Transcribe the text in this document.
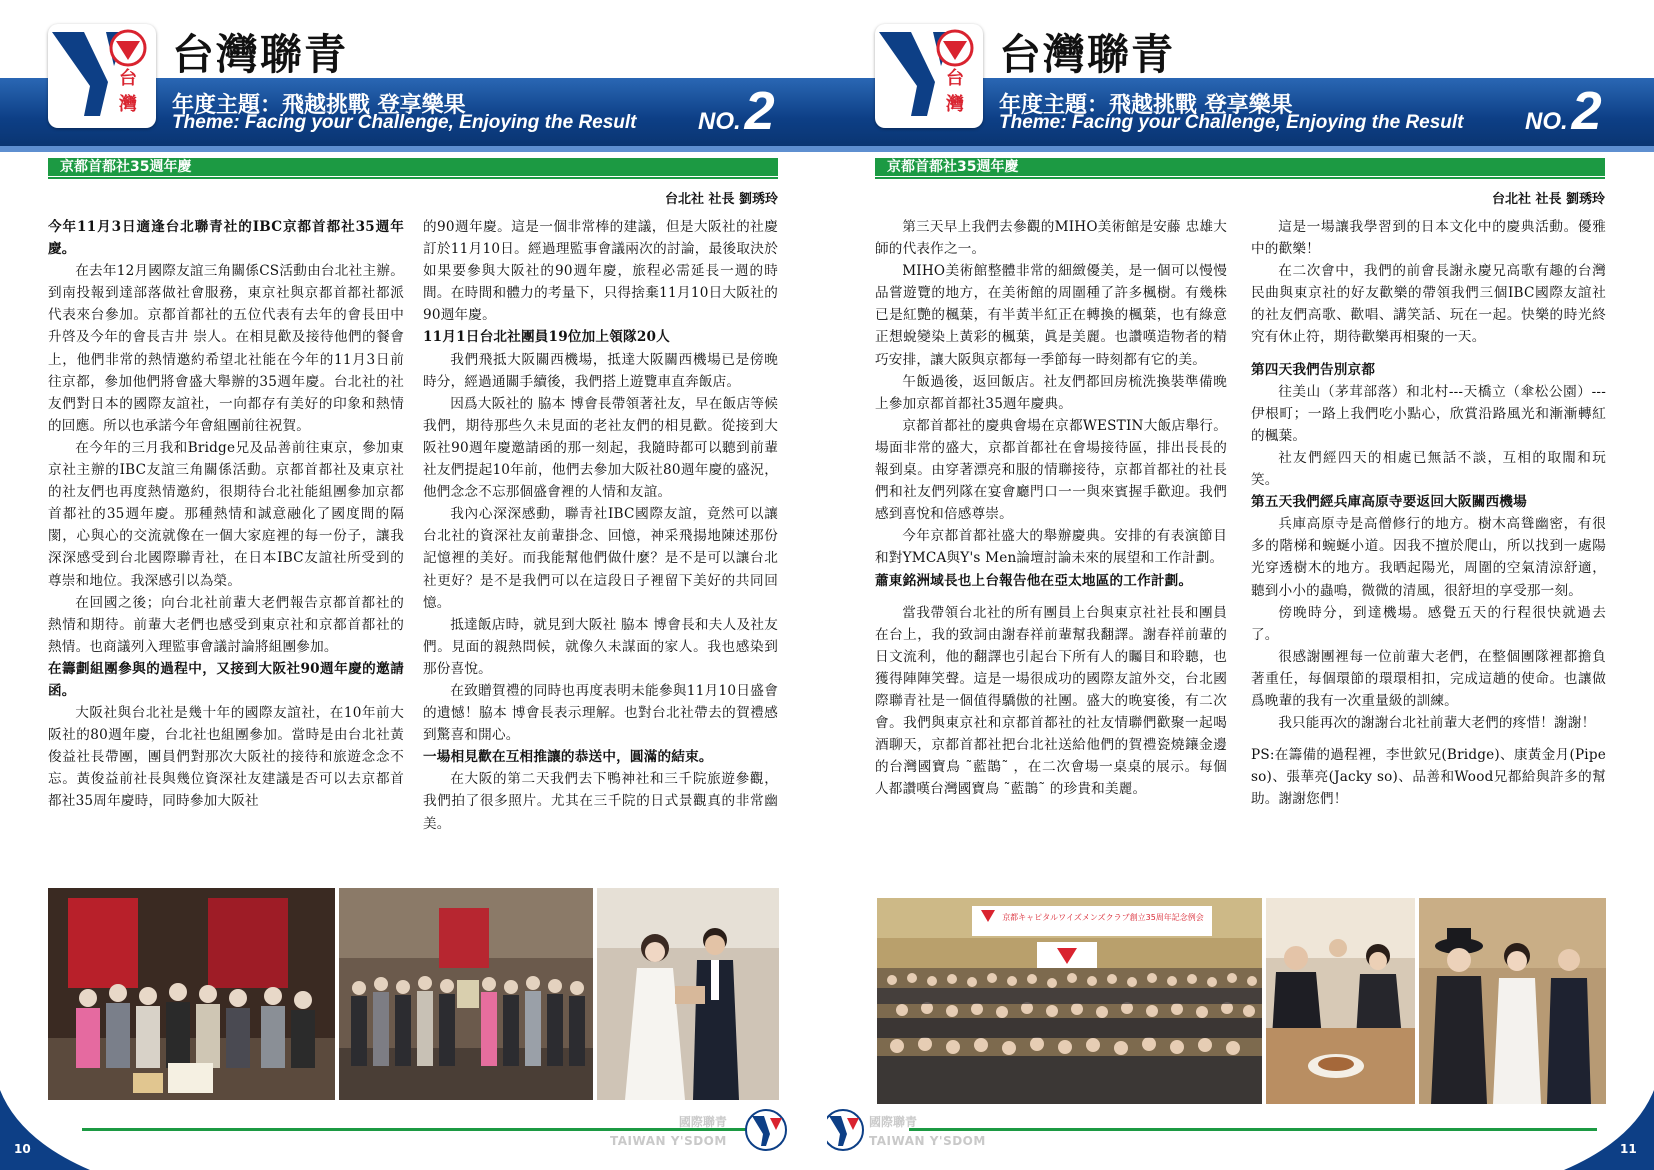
台
灣
台灣聯青
年度主題：飛越挑戰 登享樂果
Theme: Facing your Challenge, Enjoying the Result	NO.2
京都首都社35週年慶
台北社 社長 劉琇玲

今年11月3日適逢台北聯青社的IBC京都首都社35週年慶。

在去年12月國際友誼三角關係CS活動由台北社主辦。到南投報到達部落做社會服務，東京社與京都首都社都派代表來台參加。京都首都社的五位代表有去年的會長田中 升啓及今年的會長吉井 崇人。在相見歡及接待他們的餐會上，他們非常的熱情邀約希望北社能在今年的11月3日前往京都，參加他們將會盛大舉辦的35週年慶。台北社的社友們對日本的國際友誼社，一向都存有美好的印象和熱情的回應。所以也承諾今年會組團前往祝賀。

在今年的三月我和Bridge兄及品善前往東京，參加東京社主辦的IBC友誼三角關係活動。京都首都社及東京社的社友們也再度熱情邀約，很期待台北社能組團參加京都首都社的35週年慶。那種熱情和誠意融化了國度間的隔閡，心與心的交流就像在一個大家庭裡的每一份子，讓我深深感受到台北國際聯青社，在日本IBC友誼社所受到的尊崇和地位。我深感引以為榮。

在回國之後；向台北社前輩大老們報告京都首都社的熱情和期待。前輩大老們也感受到東京社和京都首都社的熱情。也商議列入理監事會議討論將組團參加。

在籌劃組團參與的過程中，又接到大阪社90週年慶的邀請函。

大阪社與台北社是幾十年的國際友誼社，在10年前大阪社的80週年慶，台北社也組團參加。當時是由台北社黃俊益社長帶團，團員們對那次大阪社的接待和旅遊念念不忘。黃俊益前社長與幾位資深社友建議是否可以去京都首都社35周年慶時，同時參加大阪社

的90週年慶。這是一個非常棒的建議，但是大阪社的社慶訂於11月10日。經過理監事會議兩次的討論，最後取決於如果要參與大阪社的90週年慶，旅程必需延長一週的時間。在時間和體力的考量下，只得捨棄11月10日大阪社的90週年慶。

11月1日台北社團員19位加上領隊20人

我們飛抵大阪關西機場，抵達大阪關西機場已是傍晚時分，經過通關手續後，我們搭上遊覽車直奔飯店。

因爲大阪社的 脇本 博會長帶領著社友，早在飯店等候我們，期待那些久未見面的老社友們的相見歡。從接到大阪社90週年慶邀請函的那一刻起，我隨時都可以聽到前輩社友們提起10年前，他們去參加大阪社80週年慶的盛況，他們念念不忘那個盛會裡的人情和友誼。

我內心深深感動，聯青社IBC國際友誼，竟然可以讓台北社的資深社友前輩掛念、回憶，神采飛揚地陳述那份記憶裡的美好。而我能幫他們做什麼？是不是可以讓台北社更好？是不是我們可以在這段日子裡留下美好的共同回憶。

抵達飯店時，就見到大阪社 脇本 博會長和夫人及社友們。見面的親熱問候，就像久未謀面的家人。我也感染到那份喜悅。

在致贈賀禮的同時也再度表明未能參與11月10日盛會的遺憾！脇本 博會長表示理解。也對台北社帶去的賀禮感到驚喜和開心。

一場相見歡在互相推讓的恭送中，圓滿的結束。

在大阪的第二天我們去下鴨神社和三千院旅遊參觀，我們拍了很多照片。尤其在三千院的日式景觀真的非常幽美。

國際聯青
TAIWAN Y'SDOM
10
台
灣
台灣聯青
年度主題：飛越挑戰 登享樂果
Theme: Facing your Challenge, Enjoying the Result	NO.2
京都首都社35週年慶
台北社 社長 劉琇玲

第三天早上我們去參觀的MIHO美術館是安藤 忠雄大師的代表作之一。

MIHO美術館整體非常的細緻優美，是一個可以慢慢品嘗遊覽的地方，在美術館的周圍種了許多楓樹。有幾株已是紅艷的楓葉，有半黃半紅正在轉換的楓葉，也有綠意正想蛻變染上黃彩的楓葉，眞是美麗。也讚嘆造物者的精巧安排，讓大阪與京都每一季節每一時刻都有它的美。

午飯過後，返回飯店。社友們都回房梳洗換裝準備晚上參加京都首都社35週年慶典。

京都首都社的慶典會場在京都WESTIN大飯店舉行。場面非常的盛大，京都首都社在會場接待區，排出長長的報到桌。由穿著漂亮和服的情聯接待，京都首都社的社長們和社友們列隊在宴會廳門口一一與來賓握手歡迎。我們感到喜悅和倍感尊崇。

今年京都首都社盛大的舉辦慶典。安排的有表演節目和對YMCA與Y's Men論壇討論未來的展望和工作計劃。

蕭東銘洲域長也上台報告他在亞太地區的工作計劃。

當我帶領台北社的所有團員上台與東京社社長和團員在台上，我的致詞由謝春祥前輩幫我翻譯。謝春祥前輩的日文流利，他的翻譯也引起台下所有人的矚目和聆聽，也獲得陣陣笑聲。這是一場很成功的國際友誼外交，台北國際聯青社是一個值得驕傲的社團。盛大的晚宴後，有二次會。我們與東京社和京都首都社的社友情聯們歡聚一起喝酒聊天，京都首都社把台北社送給他們的賀禮瓷燒鑲金邊的台灣國寶鳥 ˜藍鵲˜ ，在二次會場一桌桌的展示。每個人都讚嘆台灣國寶鳥 ˜藍鵲˜ 的珍貴和美麗。

這是一場讓我學習到的日本文化中的慶典活動。優雅中的歡樂！

在二次會中，我們的前會長謝永慶兄高歌有趣的台灣民曲與東京社的好友歡樂的帶領我們三個IBC國際友誼社的社友們高歌、歡唱、講笑話、玩在一起。快樂的時光終究有休止符，期待歡樂再相聚的一天。

第四天我們告別京都

往美山（茅茸部落）和北村---天橋立（傘松公園）---伊根町；一路上我們吃小點心，欣賞沿路風光和漸漸轉紅的楓葉。

社友們經四天的相處已無話不談，互相的取閙和玩笑。

第五天我們經兵庫高原寺要返回大阪關西機場

兵庫高原寺是高僧修行的地方。樹木高聳幽密，有很多的階梯和蜿蜒小道。因我不擅於爬山，所以找到一處陽光穿透樹木的地方。我晒起陽光，周圍的空氣清涼舒適，聽到小小的蟲鳴，微微的清風，很舒坦的享受那一刻。

傍晚時分，到達機場。感覺五天的行程很快就過去了。

很感謝團裡每一位前輩大老們，在整個團隊裡都擔負著重任，每個環節的環環相扣，完成這趟的使命。也讓做爲晚輩的我有一次重量級的訓練。

我只能再次的謝謝台北社前輩大老們的疼惜！謝謝！

PS:在籌備的過程裡，李世欽兄(Bridge)、康黃金月(Pipe so)、張華亮(Jacky so)、品善和Wood兄都給與許多的幫助。謝謝您們！

京都キャピタルワイズメンズクラブ創立35周年記念例会
國際聯青
TAIWAN Y'SDOM
11
